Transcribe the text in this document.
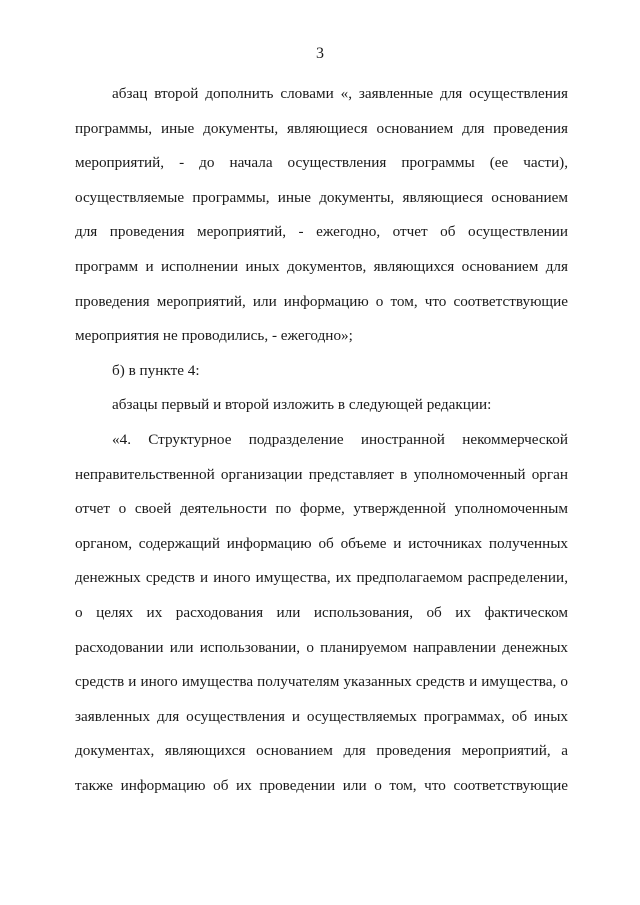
3
абзац второй дополнить словами «, заявленные для осуществления
программы, иные документы, являющиеся основанием для проведения
мероприятий, - до начала осуществления программы (ее части),
осуществляемые программы, иные документы, являющиеся основанием
для проведения мероприятий, - ежегодно, отчет об осуществлении
программ и исполнении иных документов, являющихся основанием для
проведения мероприятий, или информацию о том, что соответствующие
мероприятия не проводились, - ежегодно»;
б) в пункте 4:
абзацы первый и второй изложить в следующей редакции:
«4. Структурное подразделение иностранной некоммерческой
неправительственной организации представляет в уполномоченный орган
отчет о своей деятельности по форме, утвержденной уполномоченным
органом, содержащий информацию об объеме и источниках полученных
денежных средств и иного имущества, их предполагаемом распределении,
о целях их расходования или использования, об их фактическом
расходовании или использовании, о планируемом направлении денежных
средств и иного имущества получателям указанных средств и имущества, о
заявленных для осуществления и осуществляемых программах, об иных
документах, являющихся основанием для проведения мероприятий, а
также информацию об их проведении или о том, что соответствующие
